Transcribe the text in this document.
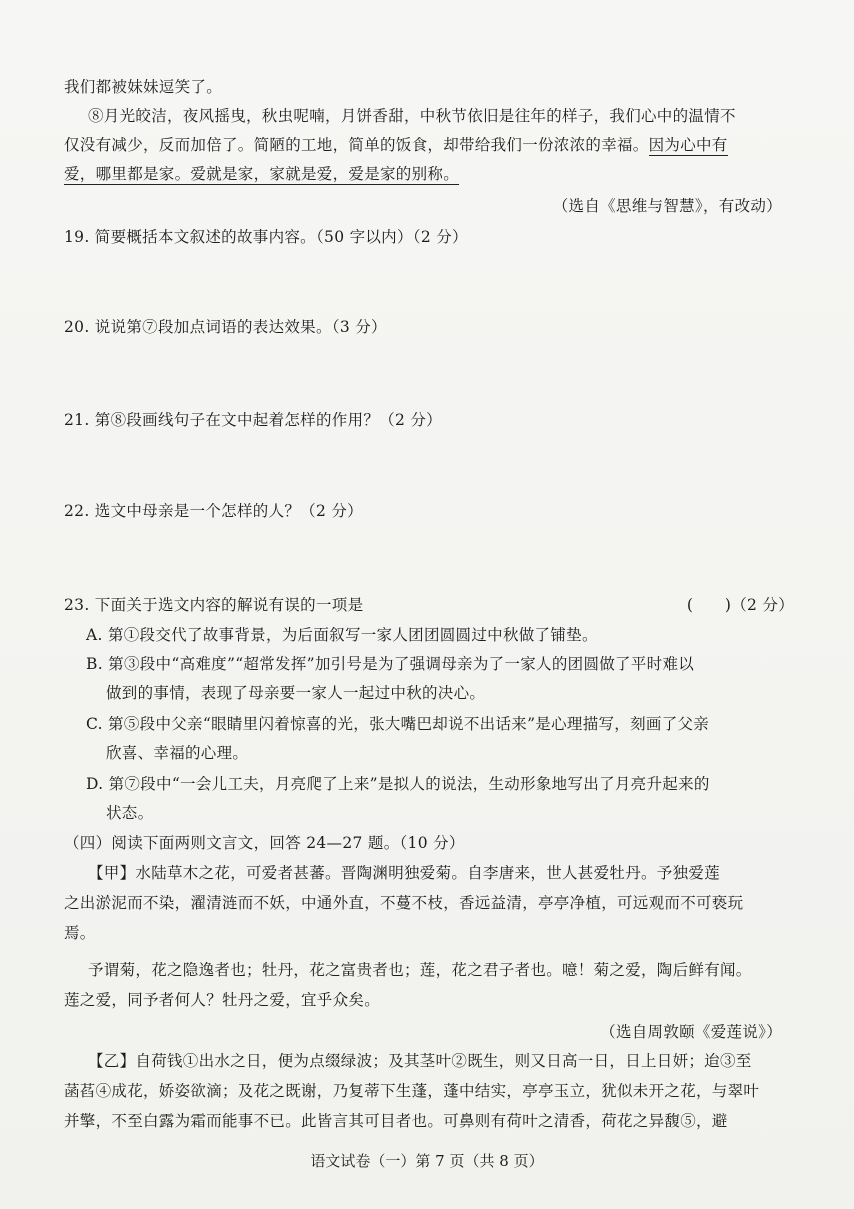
我们都被妹妹逗笑了。
⑧月光皎洁，夜风摇曳，秋虫呢喃，月饼香甜，中秋节依旧是往年的样子，我们心中的温情不
仅没有减少，反而加倍了。简陋的工地，简单的饭食，却带给我们一份浓浓的幸福。因为心中有
爱，哪里都是家。爱就是家，家就是爱，爱是家的别称。
（选自《思维与智慧》，有改动）
19. 简要概括本文叙述的故事内容。（50 字以内）（2 分）
20. 说说第⑦段加点词语的表达效果。（3 分）
21. 第⑧段画线句子在文中起着怎样的作用？（2 分）
22. 选文中母亲是一个怎样的人？（2 分）
23. 下面关于选文内容的解说有误的一项是	(　　)（2 分）
A. 第①段交代了故事背景，为后面叙写一家人团团圆圆过中秋做了铺垫。
B. 第③段中“高难度”“超常发挥”加引号是为了强调母亲为了一家人的团圆做了平时难以
做到的事情，表现了母亲要一家人一起过中秋的决心。
C. 第⑤段中父亲“眼睛里闪着惊喜的光，张大嘴巴却说不出话来”是心理描写，刻画了父亲
欣喜、幸福的心理。
D. 第⑦段中“一会儿工夫，月亮爬了上来”是拟人的说法，生动形象地写出了月亮升起来的
状态。
（四）阅读下面两则文言文，回答 24—27 题。（10 分）
【甲】水陆草木之花，可爱者甚蕃。晋陶渊明独爱菊。自李唐来，世人甚爱牡丹。予独爱莲
之出淤泥而不染，濯清涟而不妖，中通外直，不蔓不枝，香远益清，亭亭净植，可远观而不可亵玩
焉。
予谓菊，花之隐逸者也；牡丹，花之富贵者也；莲，花之君子者也。噫！菊之爱，陶后鲜有闻。
莲之爱，同予者何人？牡丹之爱，宜乎众矣。
（选自周敦颐《爱莲说》）
【乙】自荷钱①出水之日，便为点缀绿波；及其茎叶②既生，则又日高一日，日上日妍；迨③至
菡萏④成花，娇姿欲滴；及花之既谢，乃复蒂下生蓬，蓬中结实，亭亭玉立，犹似未开之花，与翠叶
并擎，不至白露为霜而能事不已。此皆言其可目者也。可鼻则有荷叶之清香，荷花之异馥⑤，避
语文试卷（一）第 7 页（共 8 页）
